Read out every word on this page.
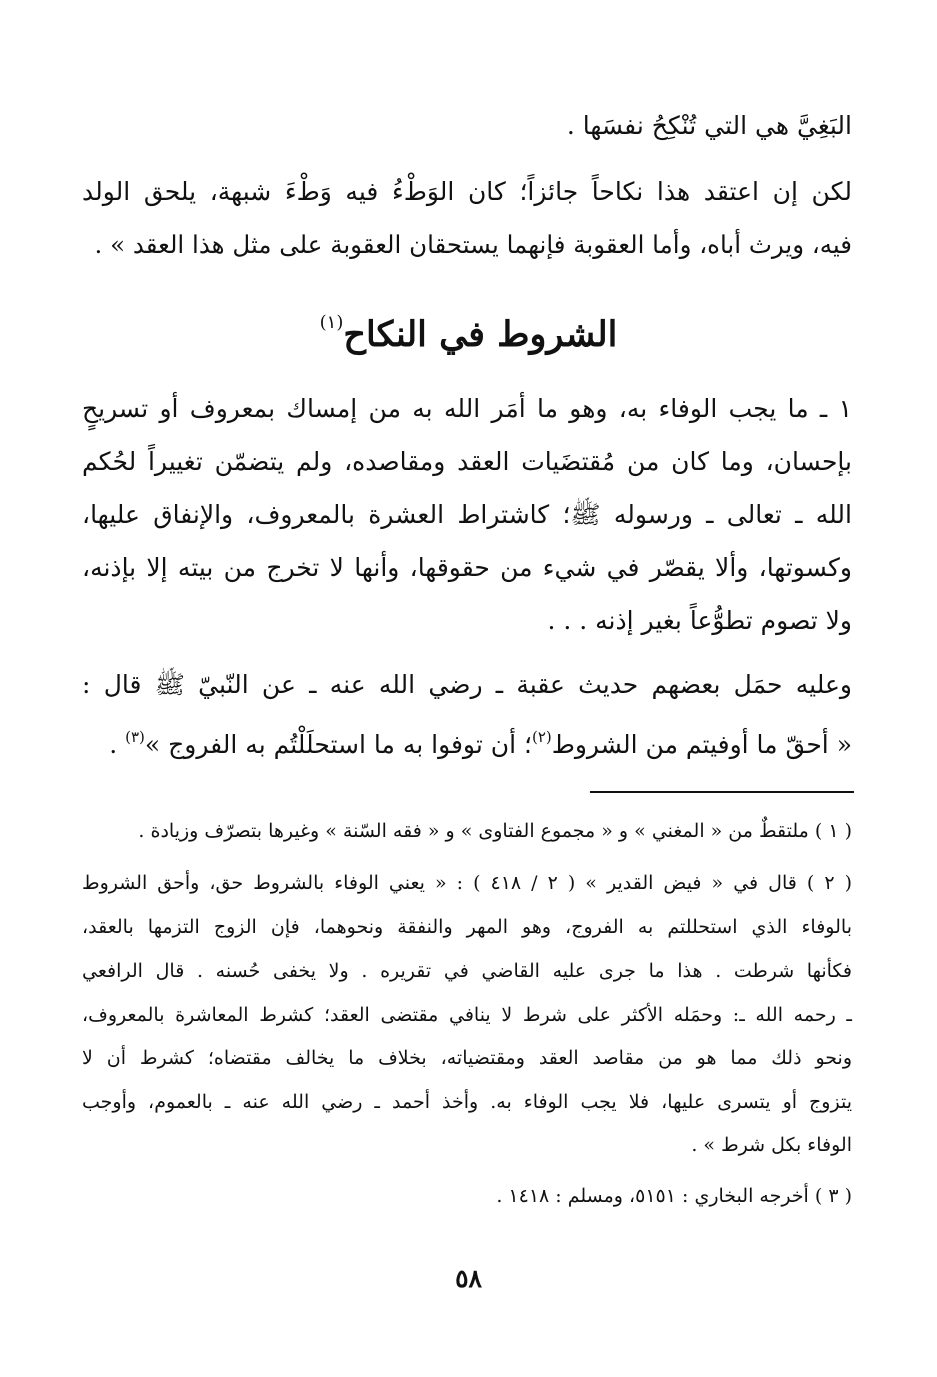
البَغِيَّ هي التي تُنْكِحُ نفسَها .
لكن إن اعتقد هذا نكاحاً جائزاً؛ كان الوَطْءُ فيه وَطْءَ شبهة، يلحق الولد
فيه، ويرث أباه، وأما العقوبة فإنهما يستحقان العقوبة على مثل هذا العقد » .
الشروط في النكاح$^{(١)}$
١ ـ ما يجب الوفاء به، وهو ما أمَر الله به من إمساك بمعروف أو تسريحٍ
بإحسان، وما كان من مُقتضَيات العقد ومقاصده، ولم يتضمّن تغييراً لحُكم
الله ـ تعالى ـ ورسوله ﷺ؛ كاشتراط العشرة بالمعروف، والإنفاق عليها،
وكسوتها، وألا يقصّر في شيء من حقوقها، وأنها لا تخرج من بيته إلا بإذنه،
ولا تصوم تطوُّعاً بغير إذنه . . .
وعليه حمَل بعضهم حديث عقبة ـ رضي الله عنه ـ عن النّبيّ ﷺ قال :
« أحقّ ما أوفيتم من الشروط$^{(٢)}$؛ أن توفوا به ما استحلَلْتُم به الفروج »$^{(٣)}$ .
( ١ ) ملتقطٌ من « المغني » و « مجموع الفتاوى » و « فقه السّنة » وغيرها بتصرّف وزيادة .
( ٢ ) قال في « فيض القدير » ( ٢ / ٤١٨ ) : « يعني الوفاء بالشروط حق، وأحق الشروط
بالوفاء الذي استحللتم به الفروج، وهو المهر والنفقة ونحوهما، فإن الزوج التزمها بالعقد،
فكأنها شرطت . هذا ما جرى عليه القاضي في تقريره . ولا يخفى حُسنه . قال الرافعي
ـ رحمه الله ـ: وحمَله الأكثر على شرط لا ينافي مقتضى العقد؛ كشرط المعاشرة بالمعروف،
ونحو ذلك مما هو من مقاصد العقد ومقتضياته، بخلاف ما يخالف مقتضاه؛ كشرط أن لا
يتزوج أو يتسرى عليها، فلا يجب الوفاء به. وأخذ أحمد ـ رضي الله عنه ـ بالعموم، وأوجب
الوفاء بكل شرط » .
( ٣ ) أخرجه البخاري : ٥١٥١، ومسلم : ١٤١٨ .
٥٨
